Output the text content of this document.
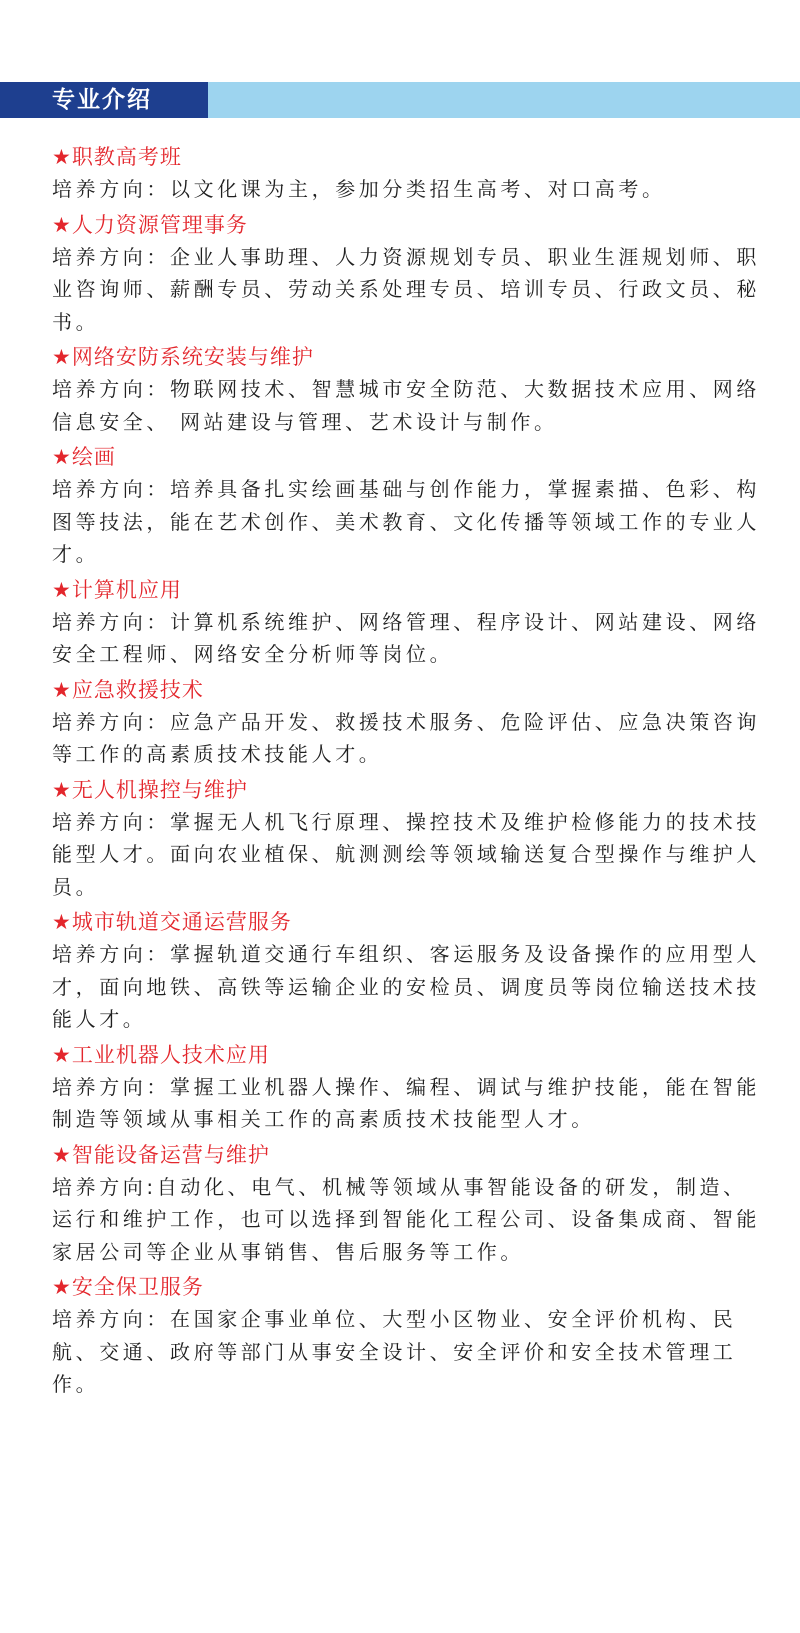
专业介绍
★职教高考班
培养方向：以文化课为主，参加分类招生高考、对口高考。
★人力资源管理事务
培养方向：企业人事助理、人力资源规划专员、职业生涯规划师、职业咨询师、薪酬专员、劳动关系处理专员、培训专员、行政文员、秘书。
★网络安防系统安装与维护
培养方向：物联网技术、智慧城市安全防范、大数据技术应用、网络信息安全、 网站建设与管理、艺术设计与制作。
★绘画
培养方向：培养具备扎实绘画基础与创作能力，掌握素描、色彩、构图等技法，能在艺术创作、美术教育、文化传播等领域工作的专业人才。
★计算机应用
培养方向：计算机系统维护、网络管理、程序设计、网站建设、网络安全工程师、网络安全分析师等岗位。
★应急救援技术
培养方向：应急产品开发、救援技术服务、危险评估、应急决策咨询等工作的高素质技术技能人才。
★无人机操控与维护
培养方向：掌握无人机飞行原理、操控技术及维护检修能力的技术技能型人才。面向农业植保、航测测绘等领域输送复合型操作与维护人员。
★城市轨道交通运营服务
培养方向：掌握轨道交通行车组织、客运服务及设备操作的应用型人才，面向地铁、高铁等运输企业的安检员、调度员等岗位输送技术技能人才。
★工业机器人技术应用
培养方向：掌握工业机器人操作、编程、调试与维护技能，能在智能制造等领域从事相关工作的高素质技术技能型人才。
★智能设备运营与维护
培养方向:自动化、电气、机械等领域从事智能设备的研发，制造、运行和维护工作，也可以选择到智能化工程公司、设备集成商、智能家居公司等企业从事销售、售后服务等工作。
★安全保卫服务
培养方向：在国家企事业单位、大型小区物业、安全评价机构、民航、交通、政府等部门从事安全设计、安全评价和安全技术管理工作。
